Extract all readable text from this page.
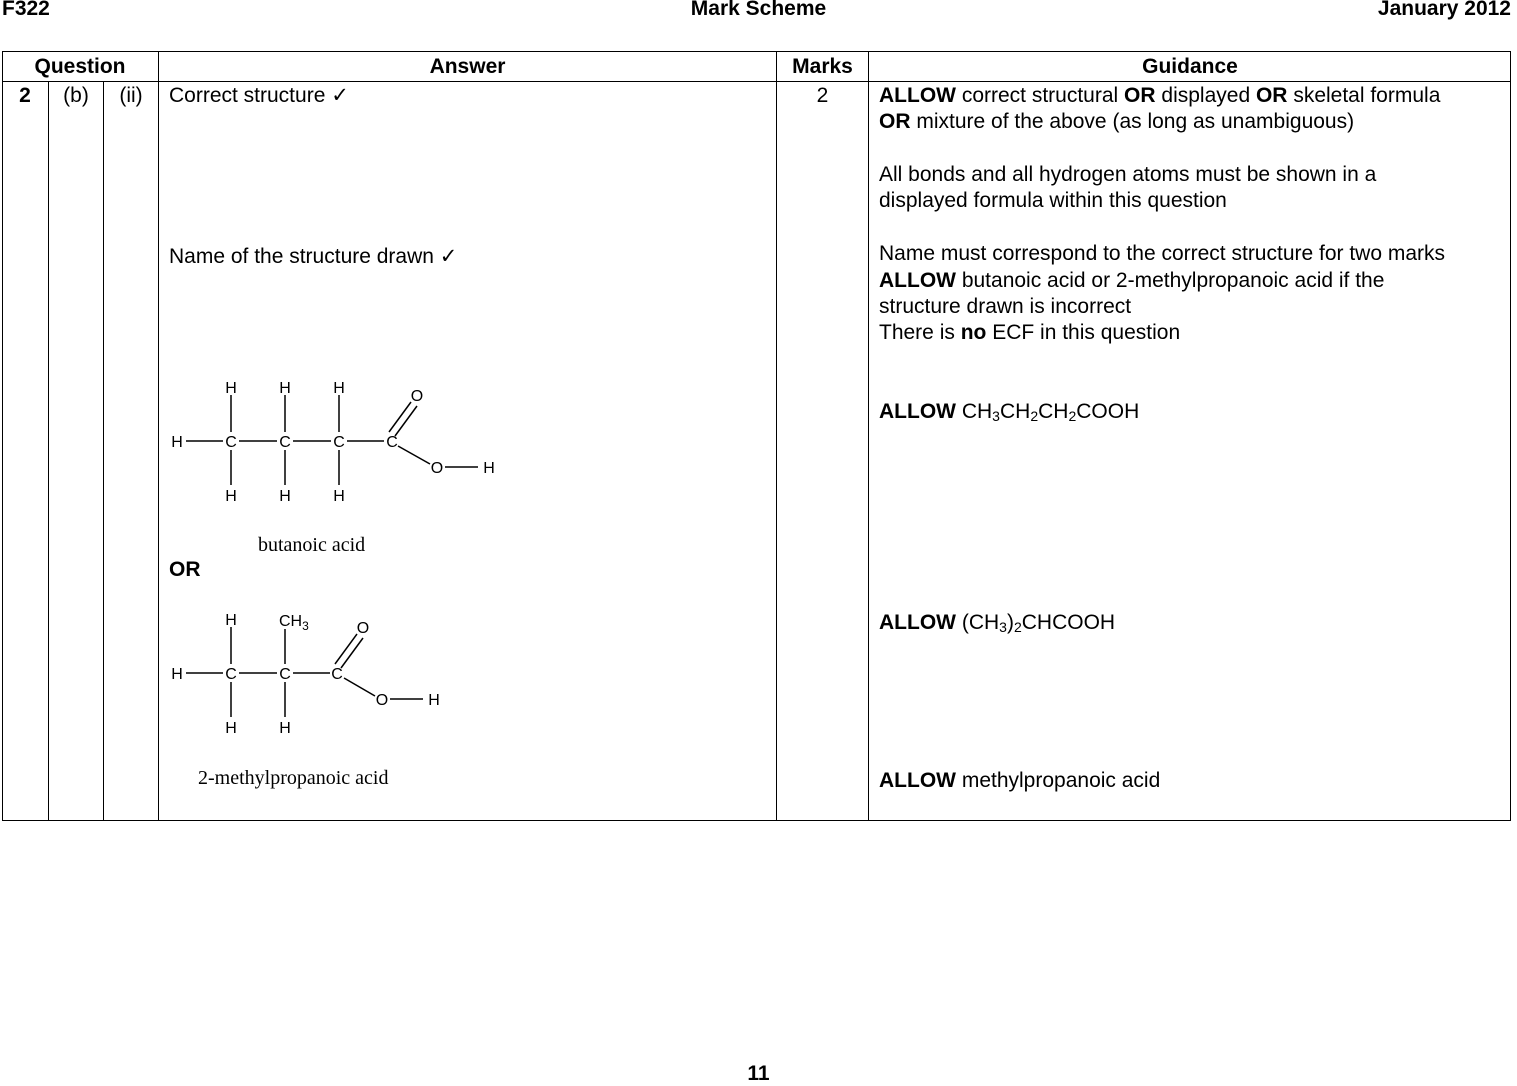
F322	Mark Scheme	January 2012
Question	Answer	Marks	Guidance
2	(b)	(ii)	Correct structure ✓
Name of the structure drawn ✓
H	C	C	C	C
H	H	H
H	H	H
O
O H
butanoic acid
OR
H	C	C	C
H	$CH_3$
H	H
O
O H
2-methylpropanoic acid
2	ALLOW correct structural OR displayed OR skeletal formula
OR mixture of the above (as long as unambiguous)
All bonds and all hydrogen atoms must be shown in a
displayed formula within this question
Name must correspond to the correct structure for two marks
ALLOW butanoic acid or 2-methylpropanoic acid if the
structure drawn is incorrect
There is no ECF in this question
ALLOW $CH_3CH_2CH_2COOH$
ALLOW $(CH_3)_2CHCOOH$
ALLOW methylpropanoic acid
11
